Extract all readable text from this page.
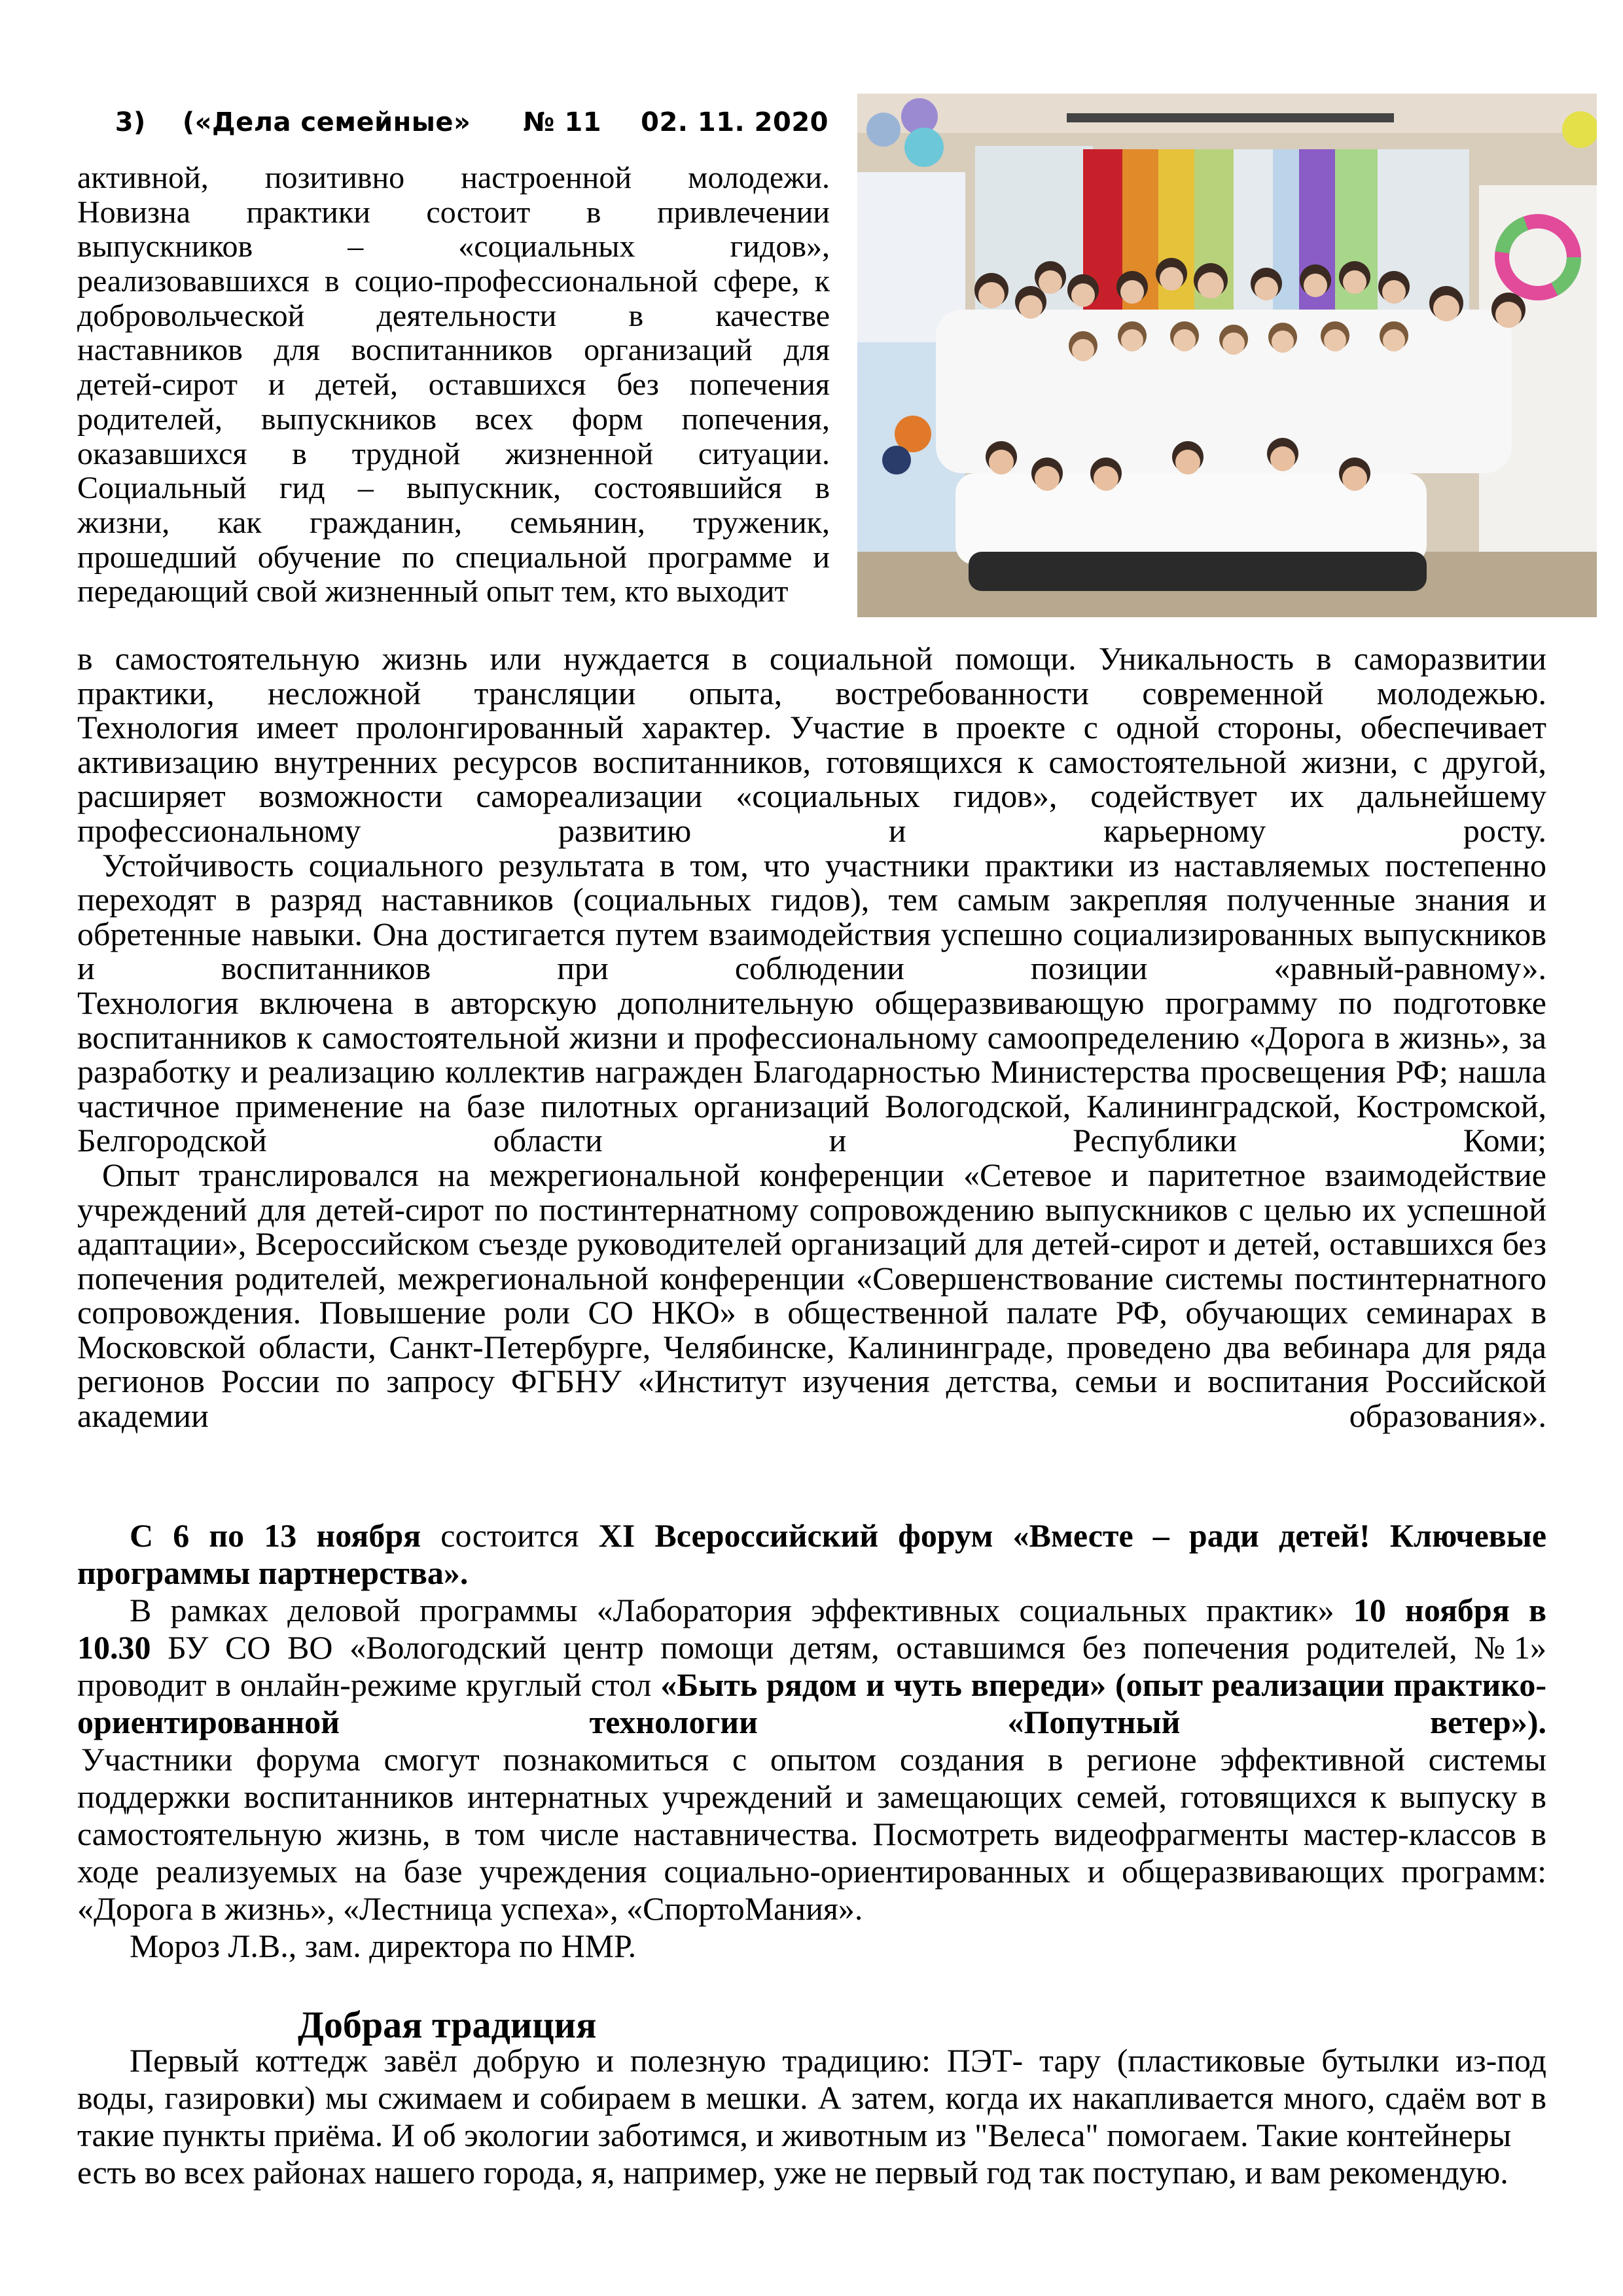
3) («Дела семейные» № 11 02. 11. 2020

активной, позитивно настроенной молодежи.
Новизна практики состоит в привлечении
выпускников – «социальных гидов»,
реализовавшихся в социо-профессиональной сфере, к
добровольческой деятельности в качестве
наставников для воспитанников организаций для
детей-сирот и детей, оставшихся без попечения
родителей, выпускников всех форм попечения,
оказавшихся в трудной жизненной ситуации.
Социальный гид – выпускник, состоявшийся в
жизни, как гражданин, семьянин, труженик,
прошедший обучение по специальной программе и
передающий свой жизненный опыт тем, кто выходит
в самостоятельную жизнь или нуждается в социальной помощи. Уникальность в саморазвитии
практики, несложной трансляции опыта, востребованности современной молодежью.
Технология имеет пролонгированный характер. Участие в проекте с одной стороны, обеспечивает
активизацию внутренних ресурсов воспитанников, готовящихся к самостоятельной жизни, с другой,
расширяет возможности самореализации «социальных гидов», содействует их дальнейшему
профессиональному развитию и карьерному росту.
Устойчивость социального результата в том, что участники практики из наставляемых постепенно
переходят в разряд наставников (социальных гидов), тем самым закрепляя полученные знания и
обретенные навыки. Она достигается путем взаимодействия успешно социализированных выпускников
и воспитанников при соблюдении позиции «равный-равному».
Технология включена в авторскую дополнительную общеразвивающую программу по подготовке
воспитанников к самостоятельной жизни и профессиональному самоопределению «Дорога в жизнь», за
разработку и реализацию коллектив награжден Благодарностью Министерства просвещения РФ; нашла
частичное применение на базе пилотных организаций Вологодской, Калининградской, Костромской,
Белгородской области и Республики Коми;
Опыт транслировался на межрегиональной конференции «Сетевое и паритетное взаимодействие
учреждений для детей-сирот по постинтернатному сопровождению выпускников с целью их успешной
адаптации», Всероссийском съезде руководителей организаций для детей-сирот и детей, оставшихся без
попечения родителей, межрегиональной конференции «Совершенствование системы постинтернатного
сопровождения. Повышение роли СО НКО» в общественной палате РФ, обучающих семинарах в
Московской области, Санкт-Петербурге, Челябинске, Калининграде, проведено два вебинара для ряда
регионов России по запросу ФГБНУ «Институт изучения детства, семьи и воспитания Российской
академии образования».
С 6 по 13 ноября состоится XI Всероссийский форум «Вместе – ради детей! Ключевые
программы партнерства».
В рамках деловой программы «Лаборатория эффективных социальных практик» 10 ноября в
10.30 БУ СО ВО «Вологодский центр помощи детям, оставшимся без попечения родителей, №1»
проводит в онлайн-режиме круглый стол «Быть рядом и чуть впереди» (опыт реализации практико-
ориентированной технологии «Попутный ветер»).
Участники форума смогут познакомиться с опытом создания в регионе эффективной системы
поддержки воспитанников интернатных учреждений и замещающих семей, готовящихся к выпуску в
самостоятельную жизнь, в том числе наставничества. Посмотреть видеофрагменты мастер-классов в
ходе реализуемых на базе учреждения социально-ориентированных и общеразвивающих программ:
«Дорога в жизнь», «Лестница успеха», «СпортоМания».
Мороз Л.В., зам. директора по НМР.
Добрая традиция
Первый коттедж завёл добрую и полезную традицию: ПЭТ- тару (пластиковые бутылки из-под
воды, газировки) мы сжимаем и собираем в мешки. А затем, когда их накапливается много, сдаём вот в
такие пункты приёма. И об экологии заботимся, и животным из "Велеса" помогаем. Такие контейнеры
есть во всех районах нашего города, я, например, уже не первый год так поступаю, и вам рекомендую.
